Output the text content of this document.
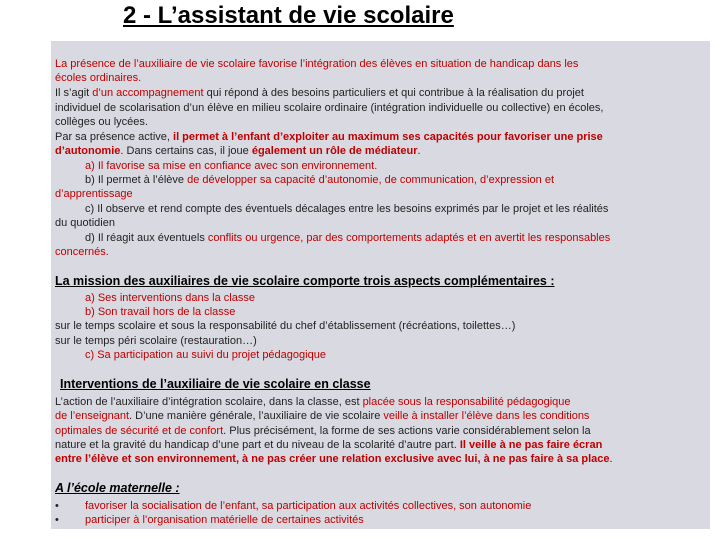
2 - L’assistant de vie scolaire
La présence de l’auxiliaire de vie scolaire favorise l’intégration des élèves en situation de handicap dans les
écoles ordinaires.
Il s’agit d’un accompagnement qui répond à des besoins particuliers et qui contribue à la réalisation du projet
individuel de scolarisation d’un élève en milieu scolaire ordinaire (intégration individuelle ou collective) en écoles,
collèges ou lycées.
Par sa présence active, il permet à l’enfant d’exploiter au maximum ses capacités pour favoriser une prise
d’autonomie. Dans certains cas, il joue également un rôle de médiateur.
a) Il favorise sa mise en confiance avec son environnement.
b) Il permet à l’élève de développer sa capacité d’autonomie, de communication, d’expression et
d’apprentissage
c) Il observe et rend compte des éventuels décalages entre les besoins exprimés par le projet et les réalités
du quotidien
d) Il réagit aux éventuels conflits ou urgence, par des comportements adaptés et en avertit les responsables
concernés.
La mission des auxiliaires de vie scolaire comporte trois aspects complémentaires :
a) Ses interventions dans la classe
b) Son travail hors de la classe
sur le temps scolaire et sous la responsabilité du chef d’établissement (récréations, toilettes…)
sur le temps péri scolaire (restauration…)
c) Sa participation au suivi du projet pédagogique
Interventions de l’auxiliaire de vie scolaire en classe
L’action de l’auxiliaire d’intégration scolaire, dans la classe, est placée sous la responsabilité pédagogique
de l’enseignant. D’une manière générale, l’auxiliaire de vie scolaire veille à installer l’élève dans les conditions
optimales de sécurité et de confort. Plus précisément, la forme de ses actions varie considérablement selon la
nature et la gravité du handicap d’une part et du niveau de la scolarité d’autre part. Il veille à ne pas faire écran
entre l’élève et son environnement, à ne pas créer une relation exclusive avec lui, à ne pas faire à sa place.
A l’école maternelle :
• favoriser la socialisation de l’enfant, sa participation aux activités collectives, son autonomie
• participer à l’organisation matérielle de certaines activités
